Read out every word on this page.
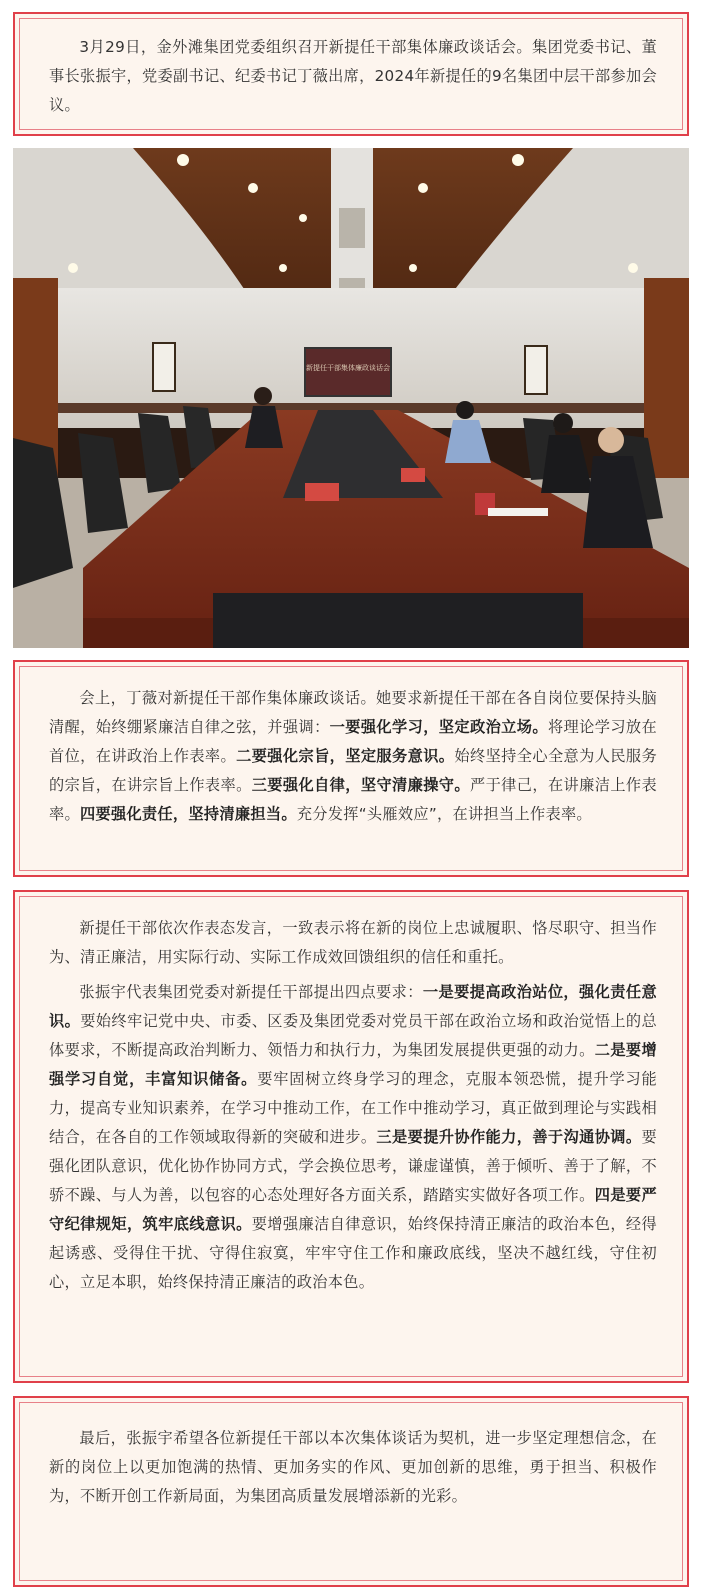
3月29日，金外滩集团党委组织召开新提任干部集体廉政谈话会。集团党委书记、董事长张振宇，党委副书记、纪委书记丁薇出席，2024年新提任的9名集团中层干部参加会议。

新提任干部集体廉政谈话会

会上，丁薇对新提任干部作集体廉政谈话。她要求新提任干部在各自岗位要保持头脑清醒，始终绷紧廉洁自律之弦，并强调：一要强化学习，坚定政治立场。将理论学习放在首位，在讲政治上作表率。二要强化宗旨，坚定服务意识。始终坚持全心全意为人民服务的宗旨，在讲宗旨上作表率。三要强化自律，坚守清廉操守。严于律己，在讲廉洁上作表率。四要强化责任，坚持清廉担当。充分发挥“头雁效应”，在讲担当上作表率。

新提任干部依次作表态发言，一致表示将在新的岗位上忠诚履职、恪尽职守、担当作为、清正廉洁，用实际行动、实际工作成效回馈组织的信任和重托。

张振宇代表集团党委对新提任干部提出四点要求：一是要提高政治站位，强化责任意识。要始终牢记党中央、市委、区委及集团党委对党员干部在政治立场和政治觉悟上的总体要求，不断提高政治判断力、领悟力和执行力，为集团发展提供更强的动力。二是要增强学习自觉，丰富知识储备。要牢固树立终身学习的理念，克服本领恐慌，提升学习能力，提高专业知识素养，在学习中推动工作，在工作中推动学习，真正做到理论与实践相结合，在各自的工作领域取得新的突破和进步。三是要提升协作能力，善于沟通协调。要强化团队意识，优化协作协同方式，学会换位思考，谦虚谨慎，善于倾听、善于了解，不骄不躁、与人为善，以包容的心态处理好各方面关系，踏踏实实做好各项工作。四是要严守纪律规矩，筑牢底线意识。要增强廉洁自律意识，始终保持清正廉洁的政治本色，经得起诱惑、受得住干扰、守得住寂寞，牢牢守住工作和廉政底线，坚决不越红线，守住初心，立足本职，始终保持清正廉洁的政治本色。

最后，张振宇希望各位新提任干部以本次集体谈话为契机，进一步坚定理想信念，在新的岗位上以更加饱满的热情、更加务实的作风、更加创新的思维，勇于担当、积极作为，不断开创工作新局面，为集团高质量发展增添新的光彩。
